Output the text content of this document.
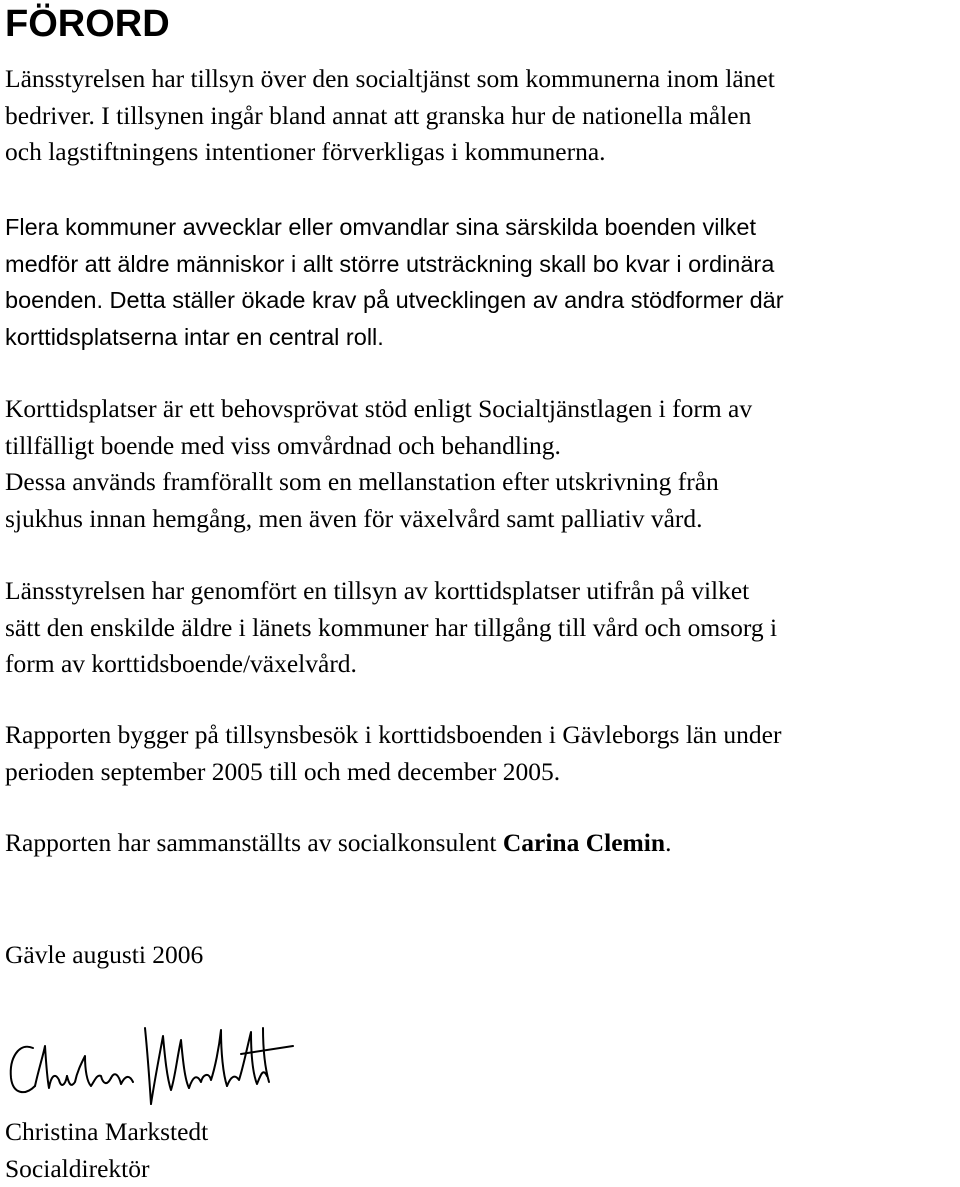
FÖRORD

Länsstyrelsen har tillsyn över den socialtjänst som kommunerna inom länet
bedriver. I tillsynen ingår bland annat att granska hur de nationella målen
och lagstiftningens intentioner förverkligas i kommunerna.

Flera kommuner avvecklar eller omvandlar sina särskilda boenden vilket
medför att äldre människor i allt större utsträckning skall bo kvar i ordinära
boenden. Detta ställer ökade krav på utvecklingen av andra stödformer där
korttidsplatserna intar en central roll.

Korttidsplatser är ett behovsprövat stöd enligt Socialtjänstlagen i form av
tillfälligt boende med viss omvårdnad och behandling.
Dessa används framförallt som en mellanstation efter utskrivning från
sjukhus innan hemgång, men även för växelvård samt palliativ vård.

Länsstyrelsen har genomfört en tillsyn av korttidsplatser utifrån på vilket
sätt den enskilde äldre i länets kommuner har tillgång till vård och omsorg i
form av korttidsboende/växelvård.

Rapporten bygger på tillsynsbesök i korttidsboenden i Gävleborgs län under
perioden september 2005 till och med december 2005.

Rapporten har sammanställts av socialkonsulent Carina Clemin.

Gävle augusti 2006

Christina Markstedt
Socialdirektör
